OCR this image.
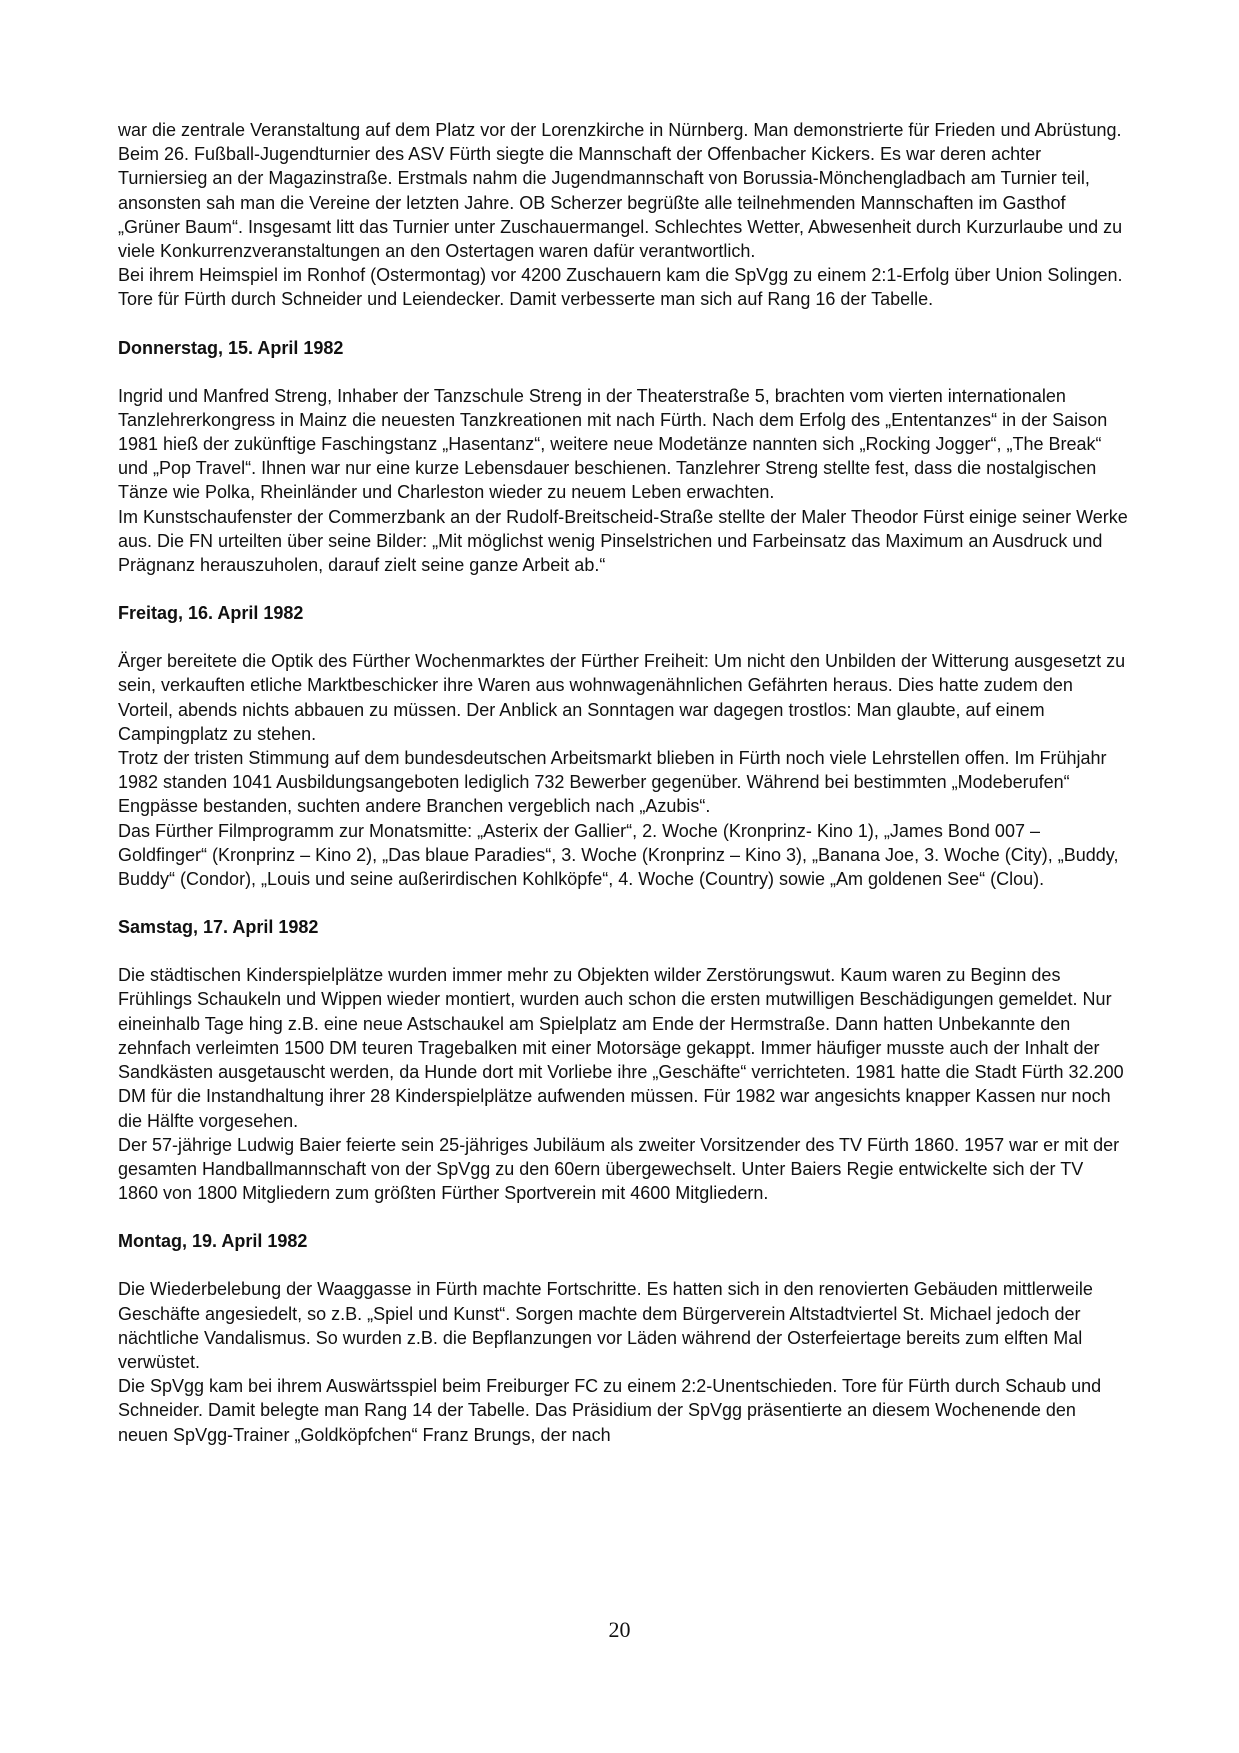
war die zentrale Veranstaltung auf dem Platz vor der Lorenzkirche in Nürnberg. Man demonstrierte für Frieden und Abrüstung.

Beim 26. Fußball-Jugendturnier des ASV Fürth siegte die Mannschaft der Offenbacher Kickers. Es war deren achter Turniersieg an der Magazinstraße. Erstmals nahm die Jugendmannschaft von Borussia-Mönchengladbach am Turnier teil, ansonsten sah man die Vereine der letzten Jahre. OB Scherzer begrüßte alle teilnehmenden Mannschaften im Gasthof „Grüner Baum“. Insgesamt litt das Turnier unter Zuschauermangel. Schlechtes Wetter, Abwesenheit durch Kurzurlaube und zu viele Konkurrenzveranstaltungen an den Ostertagen waren dafür verantwortlich.

Bei ihrem Heimspiel im Ronhof (Ostermontag) vor 4200 Zuschauern kam die SpVgg zu einem 2:1-Erfolg über Union Solingen. Tore für Fürth durch Schneider und Leiendecker. Damit verbesserte man sich auf Rang 16 der Tabelle.

Donnerstag, 15. April 1982

Ingrid und Manfred Streng, Inhaber der Tanzschule Streng in der Theaterstraße 5, brachten vom vierten internationalen Tanzlehrerkongress in Mainz die neuesten Tanzkreationen mit nach Fürth. Nach dem Erfolg des „Ententanzes“ in der Saison 1981 hieß der zukünftige Faschingstanz „Hasentanz“, weitere neue Modetänze nannten sich „Rocking Jogger“, „The Break“ und „Pop Travel“. Ihnen war nur eine kurze Lebensdauer beschienen. Tanzlehrer Streng stellte fest, dass die nostalgischen Tänze wie Polka, Rheinländer und Charleston wieder zu neuem Leben erwachten.

Im Kunstschaufenster der Commerzbank an der Rudolf-Breitscheid-Straße stellte der Maler Theodor Fürst einige seiner Werke aus. Die FN urteilten über seine Bilder: „Mit möglichst wenig Pinselstrichen und Farbeinsatz das Maximum an Ausdruck und Prägnanz herauszuholen, darauf zielt seine ganze Arbeit ab.“

Freitag, 16. April 1982

Ärger bereitete die Optik des Fürther Wochenmarktes der Fürther Freiheit: Um nicht den Unbilden der Witterung ausgesetzt zu sein, verkauften etliche Marktbeschicker ihre Waren aus wohnwagenähnlichen Gefährten heraus. Dies hatte zudem den Vorteil, abends nichts abbauen zu müssen. Der Anblick an Sonntagen war dagegen trostlos: Man glaubte, auf einem Campingplatz zu stehen.

Trotz der tristen Stimmung auf dem bundesdeutschen Arbeitsmarkt blieben in Fürth noch viele Lehrstellen offen. Im Frühjahr 1982 standen 1041 Ausbildungsangeboten lediglich 732 Bewerber gegenüber. Während bei bestimmten „Modeberufen“ Engpässe bestanden, suchten andere Branchen vergeblich nach „Azubis“.

Das Fürther Filmprogramm zur Monatsmitte: „Asterix der Gallier“, 2. Woche (Kronprinz- Kino 1), „James Bond 007 – Goldfinger“ (Kronprinz – Kino 2), „Das blaue Paradies“, 3. Woche (Kronprinz – Kino 3), „Banana Joe, 3. Woche (City), „Buddy, Buddy“ (Condor), „Louis und seine außerirdischen Kohlköpfe“, 4. Woche (Country) sowie „Am goldenen See“ (Clou).

Samstag, 17. April 1982

Die städtischen Kinderspielplätze wurden immer mehr zu Objekten wilder Zerstörungswut. Kaum waren zu Beginn des Frühlings Schaukeln und Wippen wieder montiert, wurden auch schon die ersten mutwilligen Beschädigungen gemeldet. Nur eineinhalb Tage hing z.B. eine neue Astschaukel am Spielplatz am Ende der Hermstraße. Dann hatten Unbekannte den zehnfach verleimten 1500 DM teuren Tragebalken mit einer Motorsäge gekappt. Immer häufiger musste auch der Inhalt der Sandkästen ausgetauscht werden, da Hunde dort mit Vorliebe ihre „Geschäfte“ verrichteten. 1981 hatte die Stadt Fürth 32.200 DM für die Instandhaltung ihrer 28 Kinderspielplätze aufwenden müssen. Für 1982 war angesichts knapper Kassen nur noch die Hälfte vorgesehen.

Der 57-jährige Ludwig Baier feierte sein 25-jähriges Jubiläum als zweiter Vorsitzender des TV Fürth 1860. 1957 war er mit der gesamten Handballmannschaft von der SpVgg zu den 60ern übergewechselt. Unter Baiers Regie entwickelte sich der TV 1860 von 1800 Mitgliedern zum größten Fürther Sportverein mit 4600 Mitgliedern.

Montag, 19. April 1982

Die Wiederbelebung der Waaggasse in Fürth machte Fortschritte. Es hatten sich in den renovierten Gebäuden mittlerweile Geschäfte angesiedelt, so z.B. „Spiel und Kunst“. Sorgen machte dem Bürgerverein Altstadtviertel St. Michael jedoch der nächtliche Vandalismus. So wurden z.B. die Bepflanzungen vor Läden während der Osterfeiertage bereits zum elften Mal verwüstet.

Die SpVgg kam bei ihrem Auswärtsspiel beim Freiburger FC zu einem 2:2-Unentschieden. Tore für Fürth durch Schaub und Schneider. Damit belegte man Rang 14 der Tabelle. Das Präsidium der SpVgg präsentierte an diesem Wochenende den neuen SpVgg-Trainer „Goldköpfchen“ Franz Brungs, der nach

20
